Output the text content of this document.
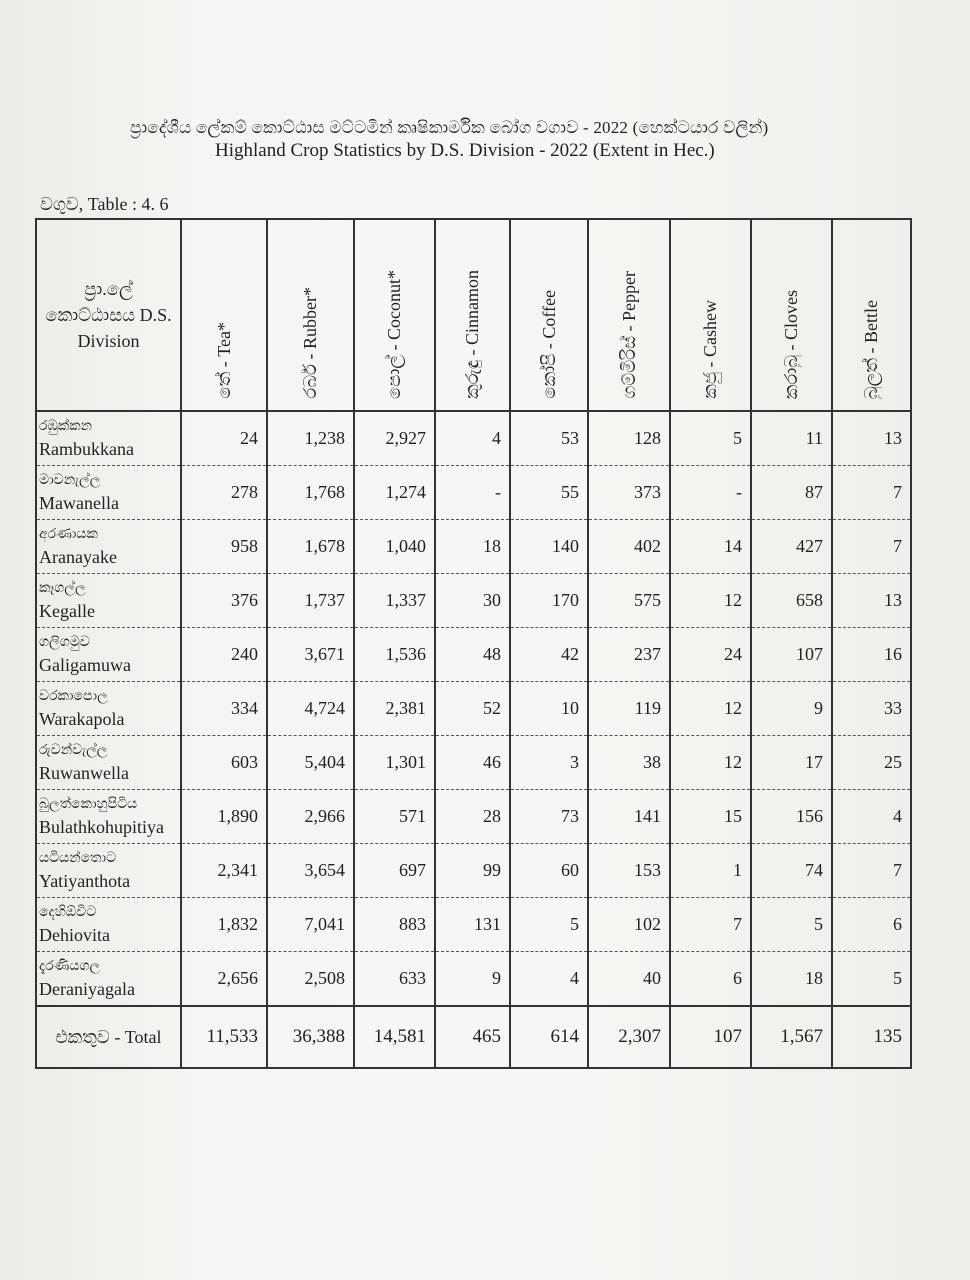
ප්‍රාදේශීය ලේකම් කොට්ඨාස මට්ටමින් කෘෂිකාර්මික බෝග වගාව - 2022 (හෙක්ටයාර වලින්)
Highland Crop Statistics by D.S. Division - 2022 (Extent in Hec.)
වගුව, Table : 4. 6
ප්‍රා.ලේ
කොට්ඨාසය D.S.
Division	තේ - Tea*	රබර් - Rubber*	පොල් - Coconut*	කුරුඳු - Cinnamon	කෝපි - Coffee	ගම්මිරිස් - Pepper	කජු - Cashew	කරාබු - Cloves	බුලත් - Bettle

රඹුක්කන
Rambukkana	24	1,238	2,927	4	53	128	5	11	13

මාවනැල්ල
Mawanella	278	1,768	1,274	-	55	373	-	87	7

අරණායක
Aranayake	958	1,678	1,040	18	140	402	14	427	7

කෑගල්ල
Kegalle	376	1,737	1,337	30	170	575	12	658	13

ගලිගමුව
Galigamuwa	240	3,671	1,536	48	42	237	24	107	16

වරකාපොල
Warakapola	334	4,724	2,381	52	10	119	12	9	33

රුවන්වැල්ල
Ruwanwella	603	5,404	1,301	46	3	38	12	17	25

බුලත්කොහුපිටිය
Bulathkohupitiya	1,890	2,966	571	28	73	141	15	156	4

යටියන්තොට
Yatiyanthota	2,341	3,654	697	99	60	153	1	74	7

දෙහිඕවිට
Dehiovita	1,832	7,041	883	131	5	102	7	5	6

දැරණියගල
Deraniyagala	2,656	2,508	633	9	4	40	6	18	5
එකතුව - Total	11,533	36,388	14,581	465	614	2,307	107	1,567	135
